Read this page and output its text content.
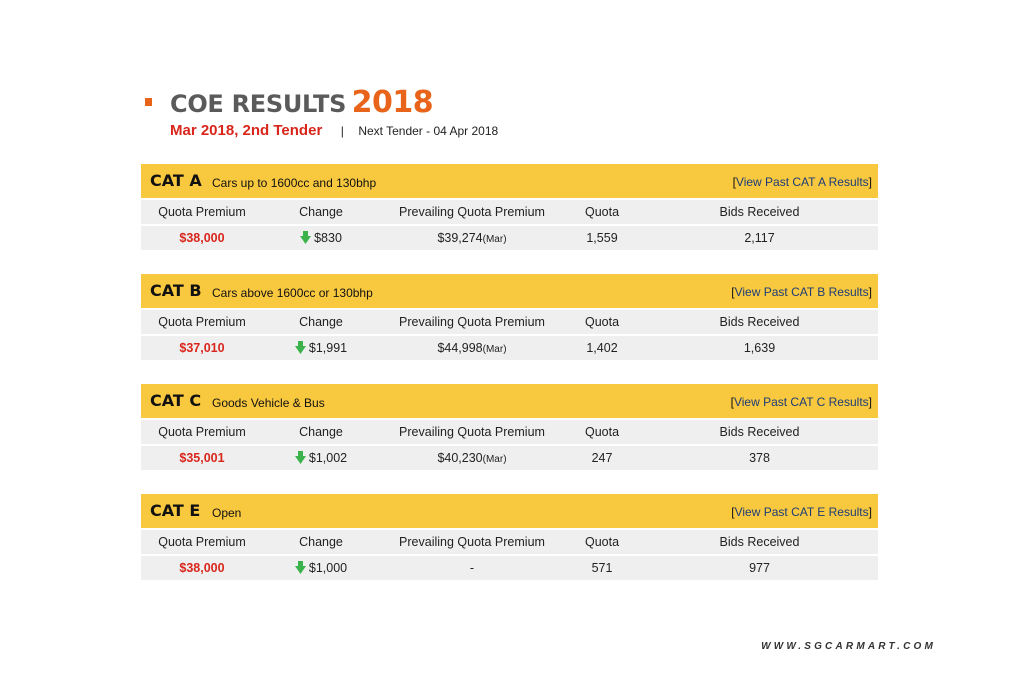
COE RESULTS 2018
Mar 2018, 2nd Tender | Next Tender - 04 Apr 2018
CAT A Cars up to 1600cc and 130bhp	[View Past CAT A Results]
Quota Premium	Change	Prevailing Quota Premium	Quota	Bids Received
$38,000	$830	$39,274(Mar)	1,559	2,117
CAT B Cars above 1600cc or 130bhp	[View Past CAT B Results]
Quota Premium	Change	Prevailing Quota Premium	Quota	Bids Received
$37,010	$1,991	$44,998(Mar)	1,402	1,639
CAT C Goods Vehicle & Bus	[View Past CAT C Results]
Quota Premium	Change	Prevailing Quota Premium	Quota	Bids Received
$35,001	$1,002	$40,230(Mar)	247	378
CAT E Open	[View Past CAT E Results]
Quota Premium	Change	Prevailing Quota Premium	Quota	Bids Received
$38,000	$1,000	-	571	977
WWW.SGCARMART.COM
